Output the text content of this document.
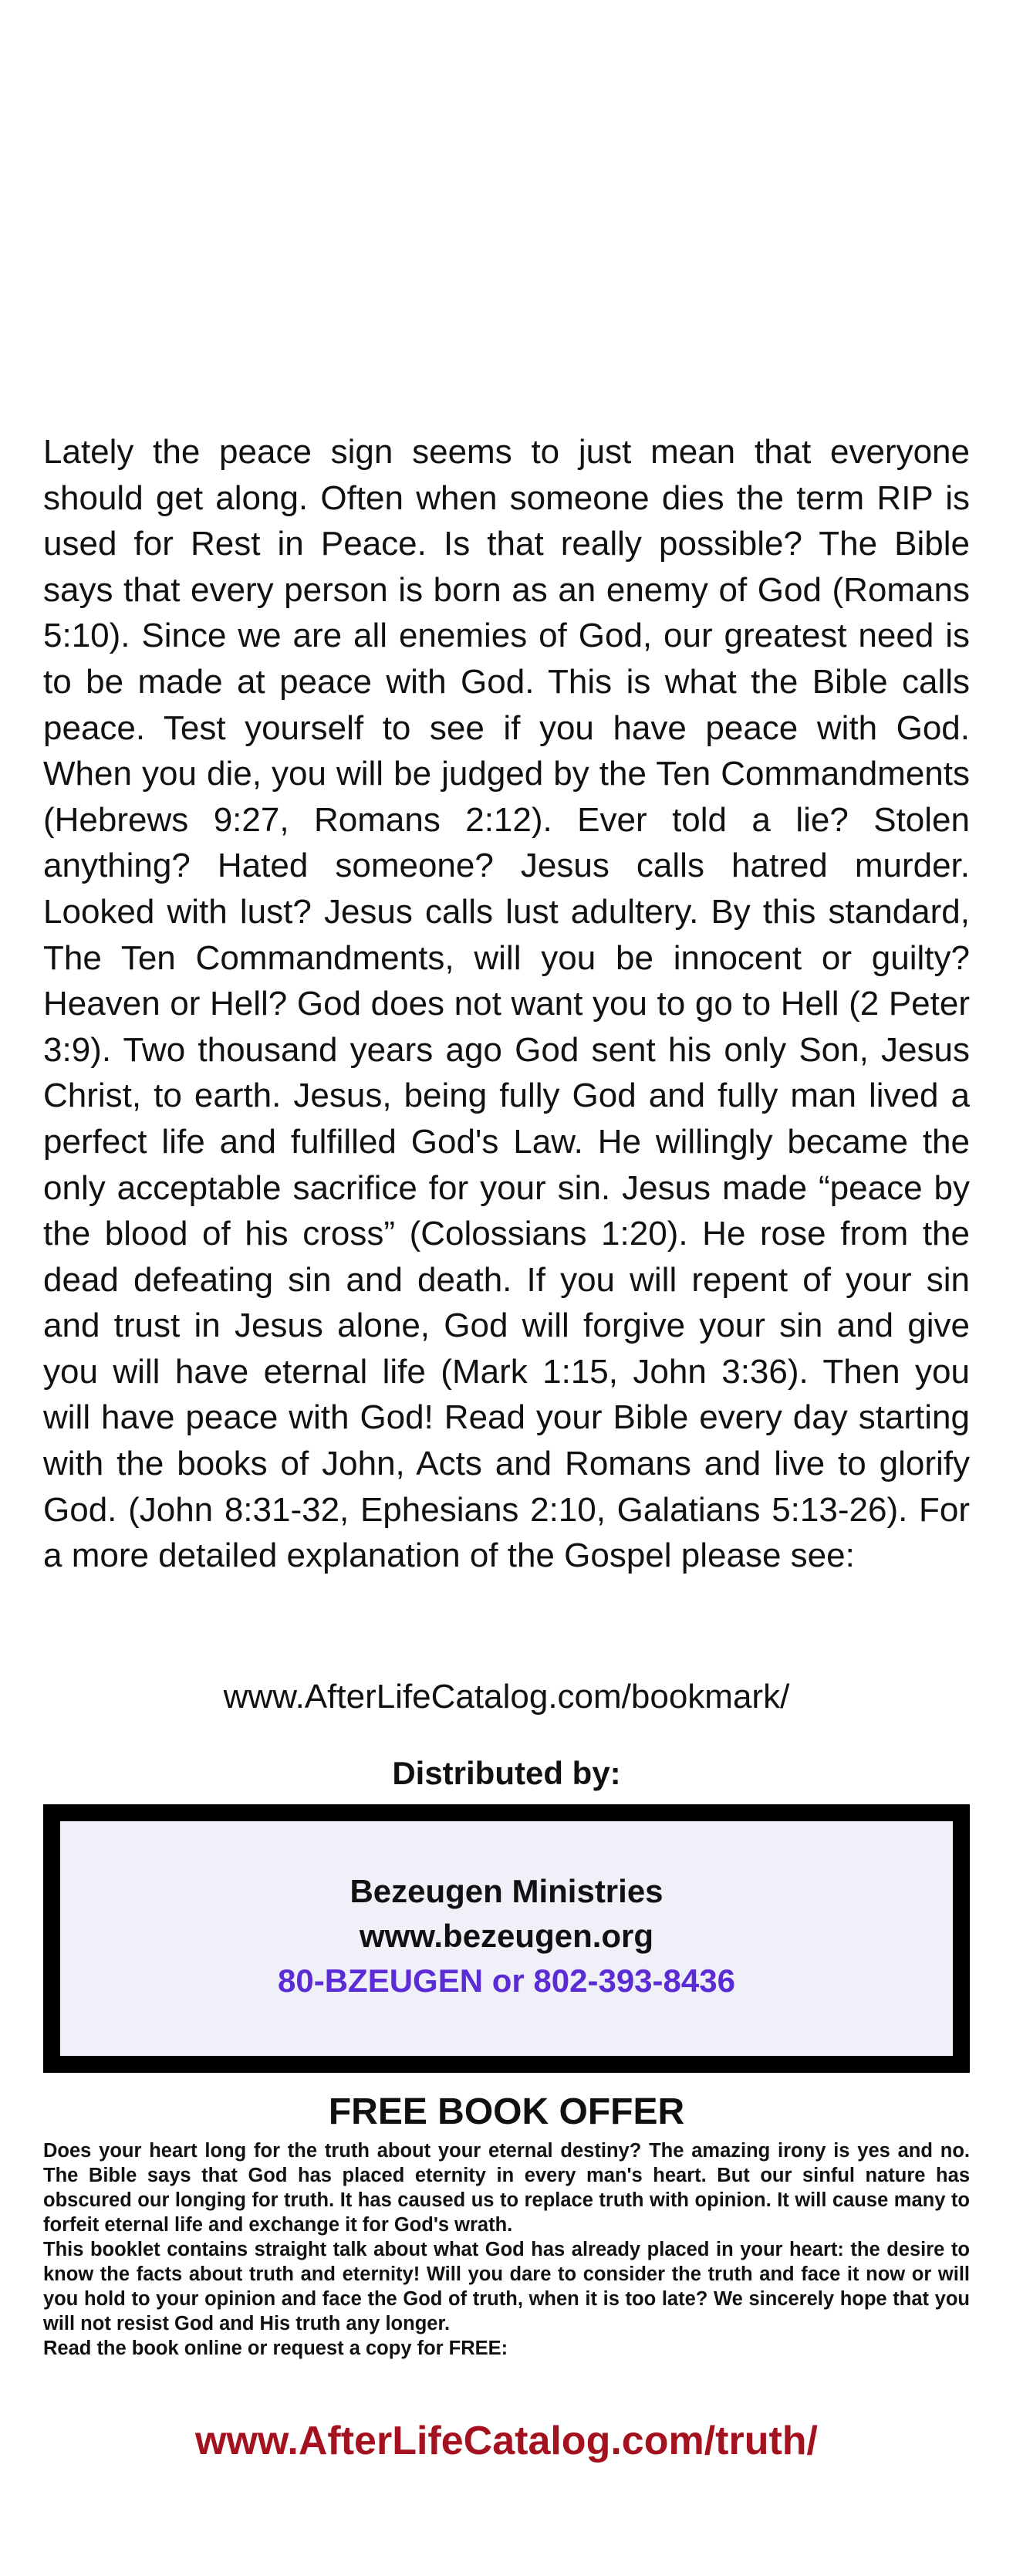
Lately the peace sign seems to just mean that everyone should get along. Often when someone dies the term RIP is used for Rest in Peace. Is that really possible? The Bible says that every person is born as an enemy of God (Romans 5:10). Since we are all enemies of God, our greatest need is to be made at peace with God. This is what the Bible calls peace. Test yourself to see if you have peace with God. When you die, you will be judged by the Ten Commandments (Hebrews 9:27, Romans 2:12). Ever told a lie? Stolen anything? Hated someone? Jesus calls hatred murder. Looked with lust? Jesus calls lust adultery. By this standard, The Ten Commandments, will you be innocent or guilty? Heaven or Hell? God does not want you to go to Hell (2 Peter 3:9). Two thousand years ago God sent his only Son, Jesus Christ, to earth. Jesus, being fully God and fully man lived a perfect life and fulfilled God's Law. He willingly became the only acceptable sacrifice for your sin. Jesus made “peace by the blood of his cross” (Colossians 1:20). He rose from the dead defeating sin and death. If you will repent of your sin and trust in Jesus alone, God will forgive your sin and give you will have eternal life (Mark 1:15, John 3:36). Then you will have peace with God! Read your Bible every day starting with the books of John, Acts and Romans and live to glorify God. (John 8:31-32, Ephesians 2:10, Galatians 5:13-26). For a more detailed explanation of the Gospel please see:

www.AfterLifeCatalog.com/bookmark/

Distributed by:

Bezeugen Ministries

www.bezeugen.org

80-BZEUGEN or 802-393-8436

FREE BOOK OFFER

Does your heart long for the truth about your eternal destiny? The amazing irony is yes and no. The Bible says that God has placed eternity in every man's heart. But our sinful nature has obscured our longing for truth. It has caused us to replace truth with opinion. It will cause many to forfeit eternal life and exchange it for God's wrath.

This booklet contains straight talk about what God has already placed in your heart: the desire to know the facts about truth and eternity! Will you dare to consider the truth and face it now or will you hold to your opinion and face the God of truth, when it is too late? We sincerely hope that you will not resist God and His truth any longer.

Read the book online or request a copy for FREE:

www.AfterLifeCatalog.com/truth/
